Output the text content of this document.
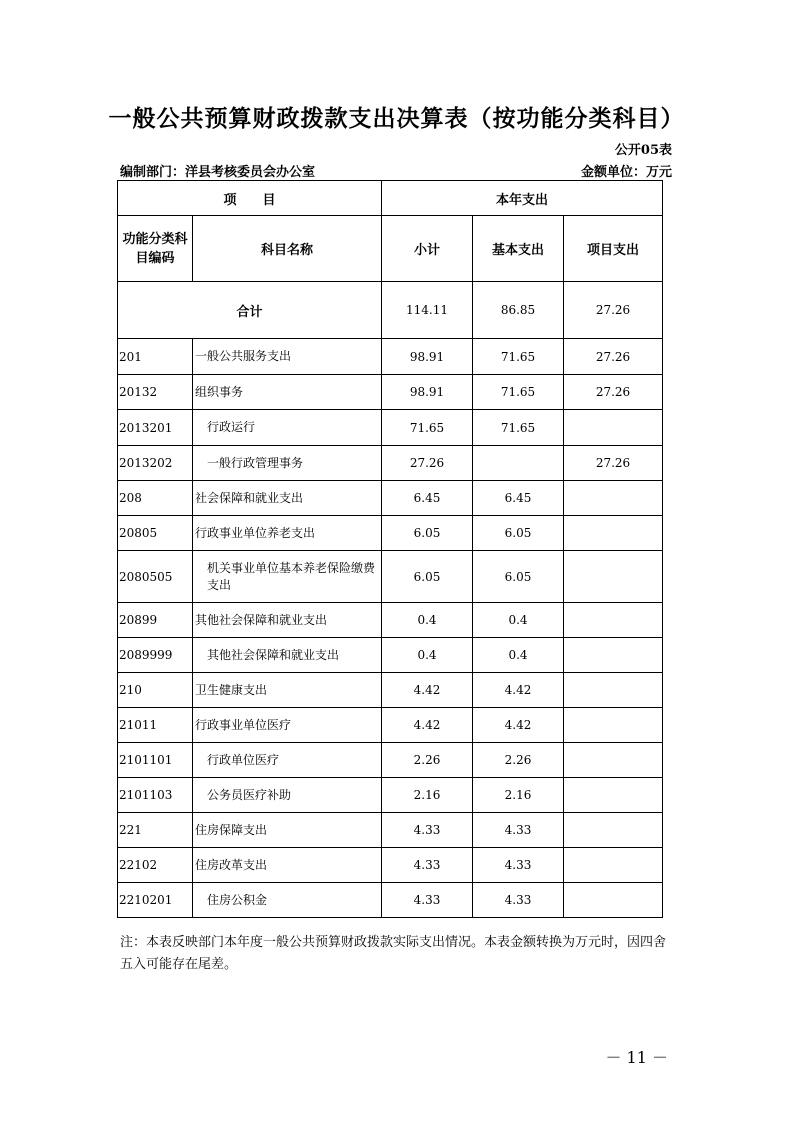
一般公共预算财政拨款支出决算表（按功能分类科目）
公开05表
编制部门：洋县考核委员会办公室	金额单位：万元
项　　目		本年支出		
功能分类科目编码	科目名称	小计	基本支出	项目支出
合计		114.11	86.85	27.26
201	一般公共服务支出	98.91	71.65	27.26
20132	组织事务	98.91	71.65	27.26
2013201	行政运行	71.65	71.65	
2013202	一般行政管理事务	27.26		27.26
208	社会保障和就业支出	6.45	6.45	
20805	行政事业单位养老支出	6.05	6.05	
2080505	机关事业单位基本养老保险缴费支出	6.05	6.05	
20899	其他社会保障和就业支出	0.4	0.4	
2089999	其他社会保障和就业支出	0.4	0.4	
210	卫生健康支出	4.42	4.42	
21011	行政事业单位医疗	4.42	4.42	
2101101	行政单位医疗	2.26	2.26	
2101103	公务员医疗补助	2.16	2.16	
221	住房保障支出	4.33	4.33	
22102	住房改革支出	4.33	4.33	
2210201	住房公积金	4.33	4.33	
注：本表反映部门本年度一般公共预算财政拨款实际支出情况。本表金额转换为万元时，因四舍五入可能存在尾差。
－ 11 －
